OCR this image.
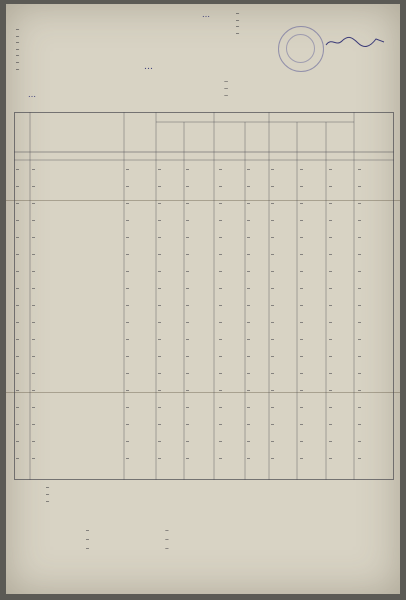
…
…
…
…
…
…
…
…
…
…
…
…
…
…
…
…
…
…	…	…	…	…	…	…	…	…	…	…
…	…	…	…	…	…	…	…	…	…	…
…	…	…	…	…	…	…	…	…	…	…
…	…	…	…	…	…	…	…	…	…	…
…	…	…	…	…	…	…	…	…	…	…
…	…	…	…	…	…	…	…	…	…	…
…	…	…	…	…	…	…	…	…	…	…
…	…	…	…	…	…	…	…	…	…	…
…	…	…	…	…	…	…	…	…	…	…
…	…	…	…	…	…	…	…	…	…	…
…	…	…	…	…	…	…	…	…	…	…
…	…	…	…	…	…	…	…	…	…	…
…	…	…	…	…	…	…	…	…	…	…
…	…	…	…	…	…	…	…	…	…	…
…	…	…	…	…	…	…	…	…	…	…
…	…	…	…	…	…	…	…	…	…	…
…	…	…	…	…	…	…	…	…	…	…
…	…	…	…	…	…	…	…	…	…	…
…
…
…
…	…
…	…
…	…
